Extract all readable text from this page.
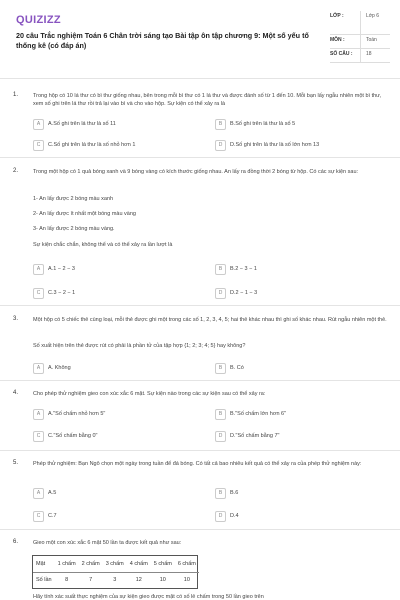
QUIZIZZ
20 câu Trắc nghiệm Toán 6 Chân trời sáng tạo Bài tập ôn tập chương 9: Một số yếu tố thống kê (có đáp án)
LỚP :	Lớp 6
MÔN :	Toán
SỐ CÂU :	18
1.	Trong hộp có 10 lá thư có bì thư giống nhau, bên trong mỗi bì thư có 1 lá thư và được đánh số từ 1 đến 10. Mỗi bạn lấy ngẫu nhiên một bì thư, xem số ghi trên lá thư rồi trả lại vào bì và cho vào hộp. Sự kiện có thể xảy ra là
A	A.Số ghi trên lá thư là số 11	B	B.Số ghi trên lá thư là số 5
C	C.Số ghi trên lá thư là số nhỏ hơn 1	D	D.Số ghi trên lá thư là số lớn hơn 13
2.	Trong một hộp có 1 quả bóng xanh và 9 bóng vàng có kích thước giống nhau. An lấy ra đồng thời 2 bóng từ hộp. Có các sự kiện sau:
1- An lấy được 2 bóng màu xanh
2- An lấy được ít nhất một bóng màu vàng
3- An lấy được 2 bóng màu vàng.
Sự kiện chắc chắn, không thể và có thể xảy ra lần lượt là
A	A.1 − 2 − 3	B	B.2 − 3 − 1
C	C.3 − 2 − 1	D	D.2 − 1 − 3
3.	Một hộp có 5 chiếc thẻ cùng loại, mỗi thẻ được ghi một trong các số 1, 2, 3, 4, 5; hai thẻ khác nhau thì ghi số khác nhau. Rút ngẫu nhiên một thẻ.
Số xuất hiện trên thẻ được rút có phải là phần tử của tập hợp {1; 2; 3; 4; 5} hay không?
A	A. Không	B	B. Có
4.	Cho phép thử nghiệm gieo con xúc xắc 6 mặt. Sự kiện nào trong các sự kiện sau có thể xảy ra:
A	A."Số chấm nhỏ hơn 5"	B	B."Số chấm lớn hơn 6"
C	C."Số chấm bằng 0"	D	D."Số chấm bằng 7"
5.	Phép thử nghiệm: Bạn Ngô chọn một ngày trong tuần để đá bóng. Có tất cả bao nhiêu kết quả có thể xảy ra của phép thử nghiệm này:
A	A.5	B	B.6
C	C.7	D	D.4
6.	Gieo một con xúc xắc 6 mặt 50 lần ta được kết quả như sau:
Mặt	1 chấm	2 chấm	3 chấm	4 chấm	5 chấm	6 chấm
Số lần	8	7	3	12	10	10
Hãy tính xác suất thực nghiệm của sự kiện gieo được mặt có số lẻ chấm trong 50 lần gieo trên
